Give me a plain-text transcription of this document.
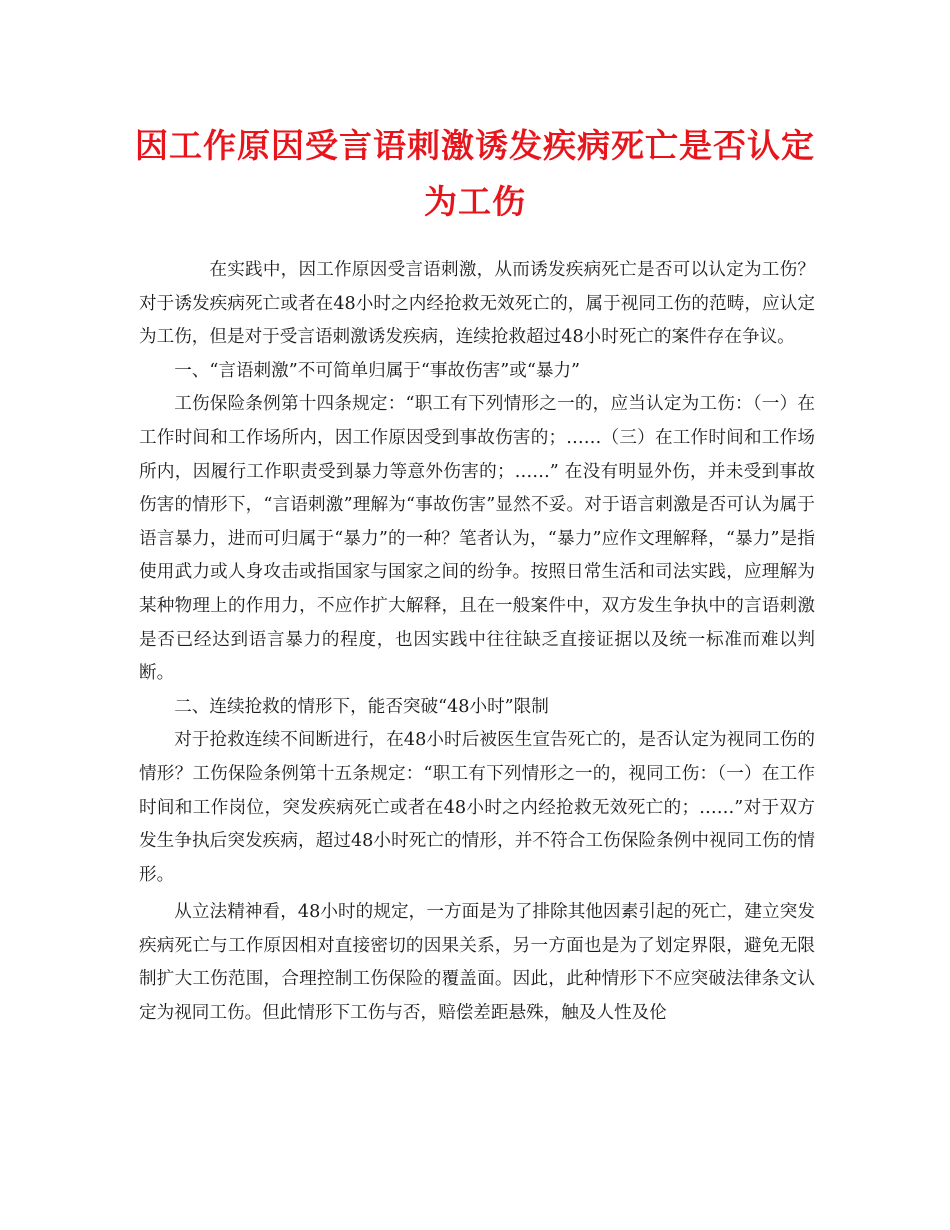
因工作原因受言语刺激诱发疾病死亡是否认定为工伤

在实践中，因工作原因受言语刺激，从而诱发疾病死亡是否可以认定为工伤？对于诱发疾病死亡或者在48小时之内经抢救无效死亡的，属于视同工伤的范畴，应认定为工伤，但是对于受言语刺激诱发疾病，连续抢救超过48小时死亡的案件存在争议。

一、“言语刺激”不可简单归属于“事故伤害”或“暴力”

工伤保险条例第十四条规定：“职工有下列情形之一的，应当认定为工伤：（一）在工作时间和工作场所内，因工作原因受到事故伤害的；……（三）在工作时间和工作场所内，因履行工作职责受到暴力等意外伤害的；……” 在没有明显外伤，并未受到事故伤害的情形下，“言语刺激”理解为“事故伤害”显然不妥。对于语言刺激是否可认为属于语言暴力，进而可归属于“暴力”的一种？笔者认为，“暴力”应作文理解释，“暴力”是指使用武力或人身攻击或指国家与国家之间的纷争。按照日常生活和司法实践，应理解为某种物理上的作用力，不应作扩大解释，且在一般案件中，双方发生争执中的言语刺激是否已经达到语言暴力的程度，也因实践中往往缺乏直接证据以及统一标准而难以判断。

二、连续抢救的情形下，能否突破“48小时”限制

对于抢救连续不间断进行，在48小时后被医生宣告死亡的，是否认定为视同工伤的情形？工伤保险条例第十五条规定：“职工有下列情形之一的，视同工伤：（一）在工作时间和工作岗位，突发疾病死亡或者在48小时之内经抢救无效死亡的；……”对于双方发生争执后突发疾病，超过48小时死亡的情形，并不符合工伤保险条例中视同工伤的情形。

从立法精神看，48小时的规定，一方面是为了排除其他因素引起的死亡，建立突发疾病死亡与工作原因相对直接密切的因果关系，另一方面也是为了划定界限，避免无限制扩大工伤范围，合理控制工伤保险的覆盖面。因此，此种情形下不应突破法律条文认定为视同工伤。但此情形下工伤与否，赔偿差距悬殊，触及人性及伦
